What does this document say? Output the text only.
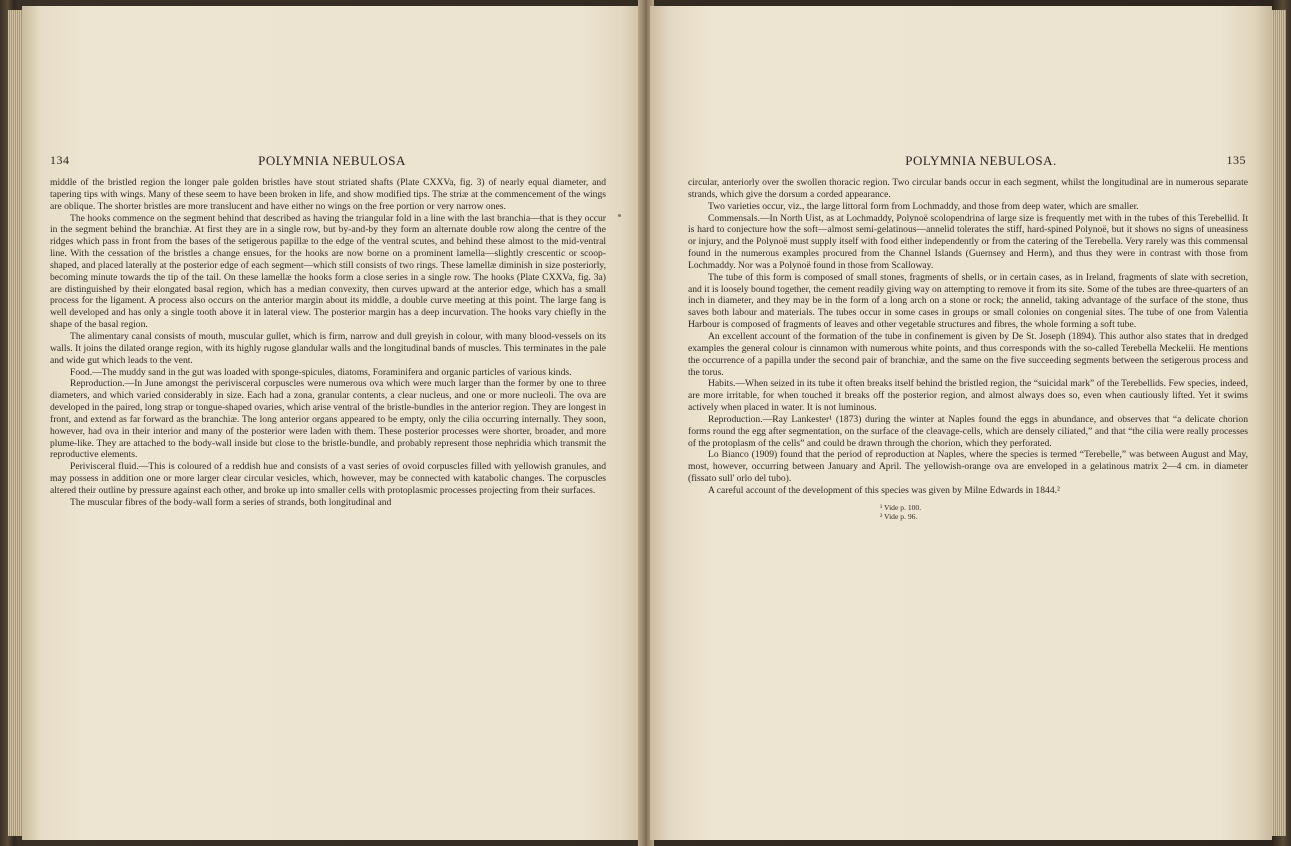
134	POLYMNIA NEBULOSA

middle of the bristled region the longer pale golden bristles have stout striated shafts (Plate CXXVa, fig. 3) of nearly equal diameter, and tapering tips with wings. Many of these seem to have been broken in life, and show modified tips. The striæ at the commencement of the wings are oblique. The shorter bristles are more translucent and have either no wings on the free portion or very narrow ones.

The hooks commence on the segment behind that described as having the triangular fold in a line with the last branchia—that is they occur in the segment behind the branchiæ. At first they are in a single row, but by-and-by they form an alternate double row along the centre of the ridges which pass in front from the bases of the setigerous papillæ to the edge of the ventral scutes, and behind these almost to the mid-ventral line. With the cessation of the bristles a change ensues, for the hooks are now borne on a prominent lamella—slightly crescentic or scoop-shaped, and placed laterally at the posterior edge of each segment—which still consists of two rings. These lamellæ diminish in size posteriorly, becoming minute towards the tip of the tail. On these lamellæ the hooks form a close series in a single row. The hooks (Plate CXXVa, fig. 3a) are distinguished by their elongated basal region, which has a median convexity, then curves upward at the anterior edge, which has a small process for the ligament. A process also occurs on the anterior margin about its middle, a double curve meeting at this point. The large fang is well developed and has only a single tooth above it in lateral view. The posterior margin has a deep incurvation. The hooks vary chiefly in the shape of the basal region.

The alimentary canal consists of mouth, muscular gullet, which is firm, narrow and dull greyish in colour, with many blood-vessels on its walls. It joins the dilated orange region, with its highly rugose glandular walls and the longitudinal bands of muscles. This terminates in the pale and wide gut which leads to the vent.

Food.—The muddy sand in the gut was loaded with sponge-spicules, diatoms, Foraminifera and organic particles of various kinds.

Reproduction.—In June amongst the perivisceral corpuscles were numerous ova which were much larger than the former by one to three diameters, and which varied considerably in size. Each had a zona, granular contents, a clear nucleus, and one or more nucleoli. The ova are developed in the paired, long strap or tongue-shaped ovaries, which arise ventral of the bristle-bundles in the anterior region. They are longest in front, and extend as far forward as the branchiæ. The long anterior organs appeared to be empty, only the cilia occurring internally. They soon, however, had ova in their interior and many of the posterior were laden with them. These posterior processes were shorter, broader, and more plume-like. They are attached to the body-wall inside but close to the bristle-bundle, and probably represent those nephridia which transmit the reproductive elements.

Perivisceral fluid.—This is coloured of a reddish hue and consists of a vast series of ovoid corpuscles filled with yellowish granules, and may possess in addition one or more larger clear circular vesicles, which, however, may be connected with katabolic changes. The corpuscles altered their outline by pressure against each other, and broke up into smaller cells with protoplasmic processes projecting from their surfaces.

The muscular fibres of the body-wall form a series of strands, both longitudinal and

POLYMNIA NEBULOSA.	135

circular, anteriorly over the swollen thoracic region. Two circular bands occur in each segment, whilst the longitudinal are in numerous separate strands, which give the dorsum a corded appearance.

Two varieties occur, viz., the large littoral form from Lochmaddy, and those from deep water, which are smaller.

Commensals.—In North Uist, as at Lochmaddy, Polynoë scolopendrina of large size is frequently met with in the tubes of this Terebellid. It is hard to conjecture how the soft—almost semi-gelatinous—annelid tolerates the stiff, hard-spined Polynoë, but it shows no signs of uneasiness or injury, and the Polynoë must supply itself with food either independently or from the catering of the Terebella. Very rarely was this commensal found in the numerous examples procured from the Channel Islands (Guernsey and Herm), and thus they were in contrast with those from Lochmaddy. Nor was a Polynoë found in those from Scalloway.

The tube of this form is composed of small stones, fragments of shells, or in certain cases, as in Ireland, fragments of slate with secretion, and it is loosely bound together, the cement readily giving way on attempting to remove it from its site. Some of the tubes are three-quarters of an inch in diameter, and they may be in the form of a long arch on a stone or rock; the annelid, taking advantage of the surface of the stone, thus saves both labour and materials. The tubes occur in some cases in groups or small colonies on congenial sites. The tube of one from Valentia Harbour is composed of fragments of leaves and other vegetable structures and fibres, the whole forming a soft tube.

An excellent account of the formation of the tube in confinement is given by De St. Joseph (1894). This author also states that in dredged examples the general colour is cinnamon with numerous white points, and thus corresponds with the so-called Terebella Meckelii. He mentions the occurrence of a papilla under the second pair of branchiæ, and the same on the five succeeding segments between the setigerous process and the torus.

Habits.—When seized in its tube it often breaks itself behind the bristled region, the “suicidal mark” of the Terebellids. Few species, indeed, are more irritable, for when touched it breaks off the posterior region, and almost always does so, even when cautiously lifted. Yet it swims actively when placed in water. It is not luminous.

Reproduction.—Ray Lankester¹ (1873) during the winter at Naples found the eggs in abundance, and observes that “a delicate chorion forms round the egg after segmentation, on the surface of the cleavage-cells, which are densely ciliated,” and that “the cilia were really processes of the protoplasm of the cells” and could be drawn through the chorion, which they perforated.

Lo Bianco (1909) found that the period of reproduction at Naples, where the species is termed “Terebelle,” was between August and May, most, however, occurring between January and April. The yellowish-orange ova are enveloped in a gelatinous matrix 2—4 cm. in diameter (fissato sull' orlo del tubo).

A careful account of the development of this species was given by Milne Edwards in 1844.²

¹ Vide p. 100.
² Vide p. 96.
